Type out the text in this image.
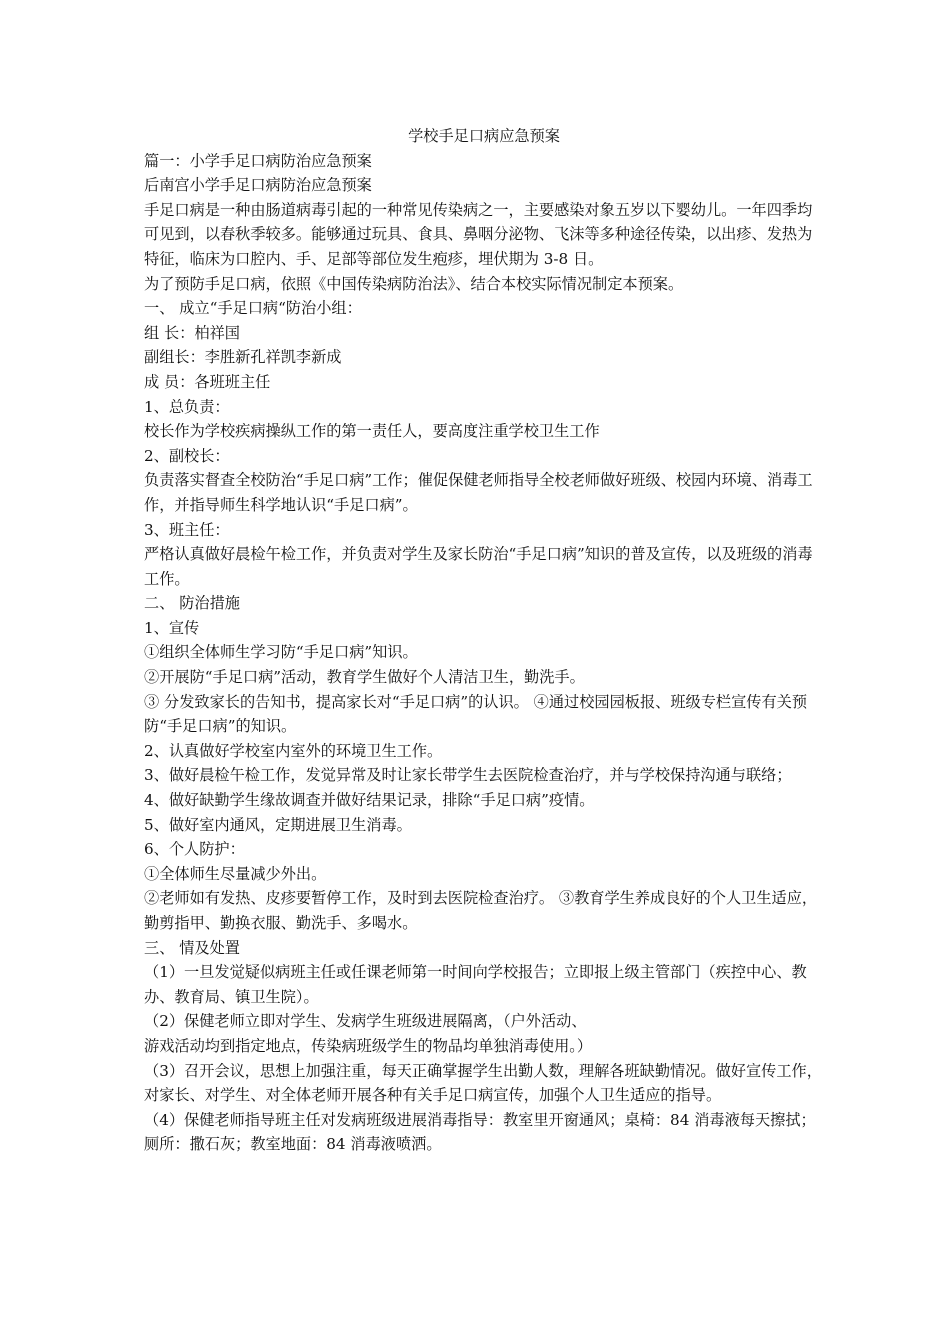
学校手足口病应急预案

篇一：小学手足口病防治应急预案

后南宫小学手足口病防治应急预案

手足口病是一种由肠道病毒引起的一种常见传染病之一，主要感染对象五岁以下婴幼儿。一年四季均可见到，以春秋季较多。能够通过玩具、食具、鼻咽分泌物、飞沫等多种途径传染，以出疹、发热为特征，临床为口腔内、手、足部等部位发生疱疹，埋伏期为 3-8 日。

为了预防手足口病，依照《中国传染病防治法》、结合本校实际情况制定本预案。

一、 成立“手足口病“防治小组：

组 长：柏祥国

副组长：李胜新孔祥凯李新成

成 员：各班班主任

1、总负责：

校长作为学校疾病操纵工作的第一责任人，要高度注重学校卫生工作

2、副校长：

负责落实督查全校防治“手足口病”工作；催促保健老师指导全校老师做好班级、校园内环境、消毒工作，并指导师生科学地认识“手足口病”。

3、班主任：

严格认真做好晨检午检工作，并负责对学生及家长防治“手足口病”知识的普及宣传，以及班级的消毒工作。

二、 防治措施

1、宣传

①组织全体师生学习防“手足口病”知识。

②开展防“手足口病”活动，教育学生做好个人清洁卫生，勤洗手。

③ 分发致家长的告知书，提高家长对“手足口病”的认识。 ④通过校园园板报、班级专栏宣传有关预防“手足口病”的知识。

2、认真做好学校室内室外的环境卫生工作。

3、做好晨检午检工作，发觉异常及时让家长带学生去医院检查治疗，并与学校保持沟通与联络；

4、做好缺勤学生缘故调查并做好结果记录，排除“手足口病”疫情。

5、做好室内通风，定期进展卫生消毒。

6、个人防护：

①全体师生尽量减少外出。

②老师如有发热、皮疹要暂停工作，及时到去医院检查治疗。 ③教育学生养成良好的个人卫生适应，勤剪指甲、勤换衣服、勤洗手、多喝水。

三、 情及处置

（1）一旦发觉疑似病班主任或任课老师第一时间向学校报告；立即报上级主管部门（疾控中心、教办、教育局、镇卫生院）。

（2）保健老师立即对学生、发病学生班级进展隔离，（户外活动、
游戏活动均到指定地点，传染病班级学生的物品均单独消毒使用。）

（3）召开会议，思想上加强注重，每天正确掌握学生出勤人数，理解各班缺勤情况。做好宣传工作，对家长、对学生、对全体老师开展各种有关手足口病宣传，加强个人卫生适应的指导。

（4）保健老师指导班主任对发病班级进展消毒指导：教室里开窗通风；桌椅：84 消毒液每天擦拭；厕所：撒石灰；教室地面：84 消毒液喷洒。
